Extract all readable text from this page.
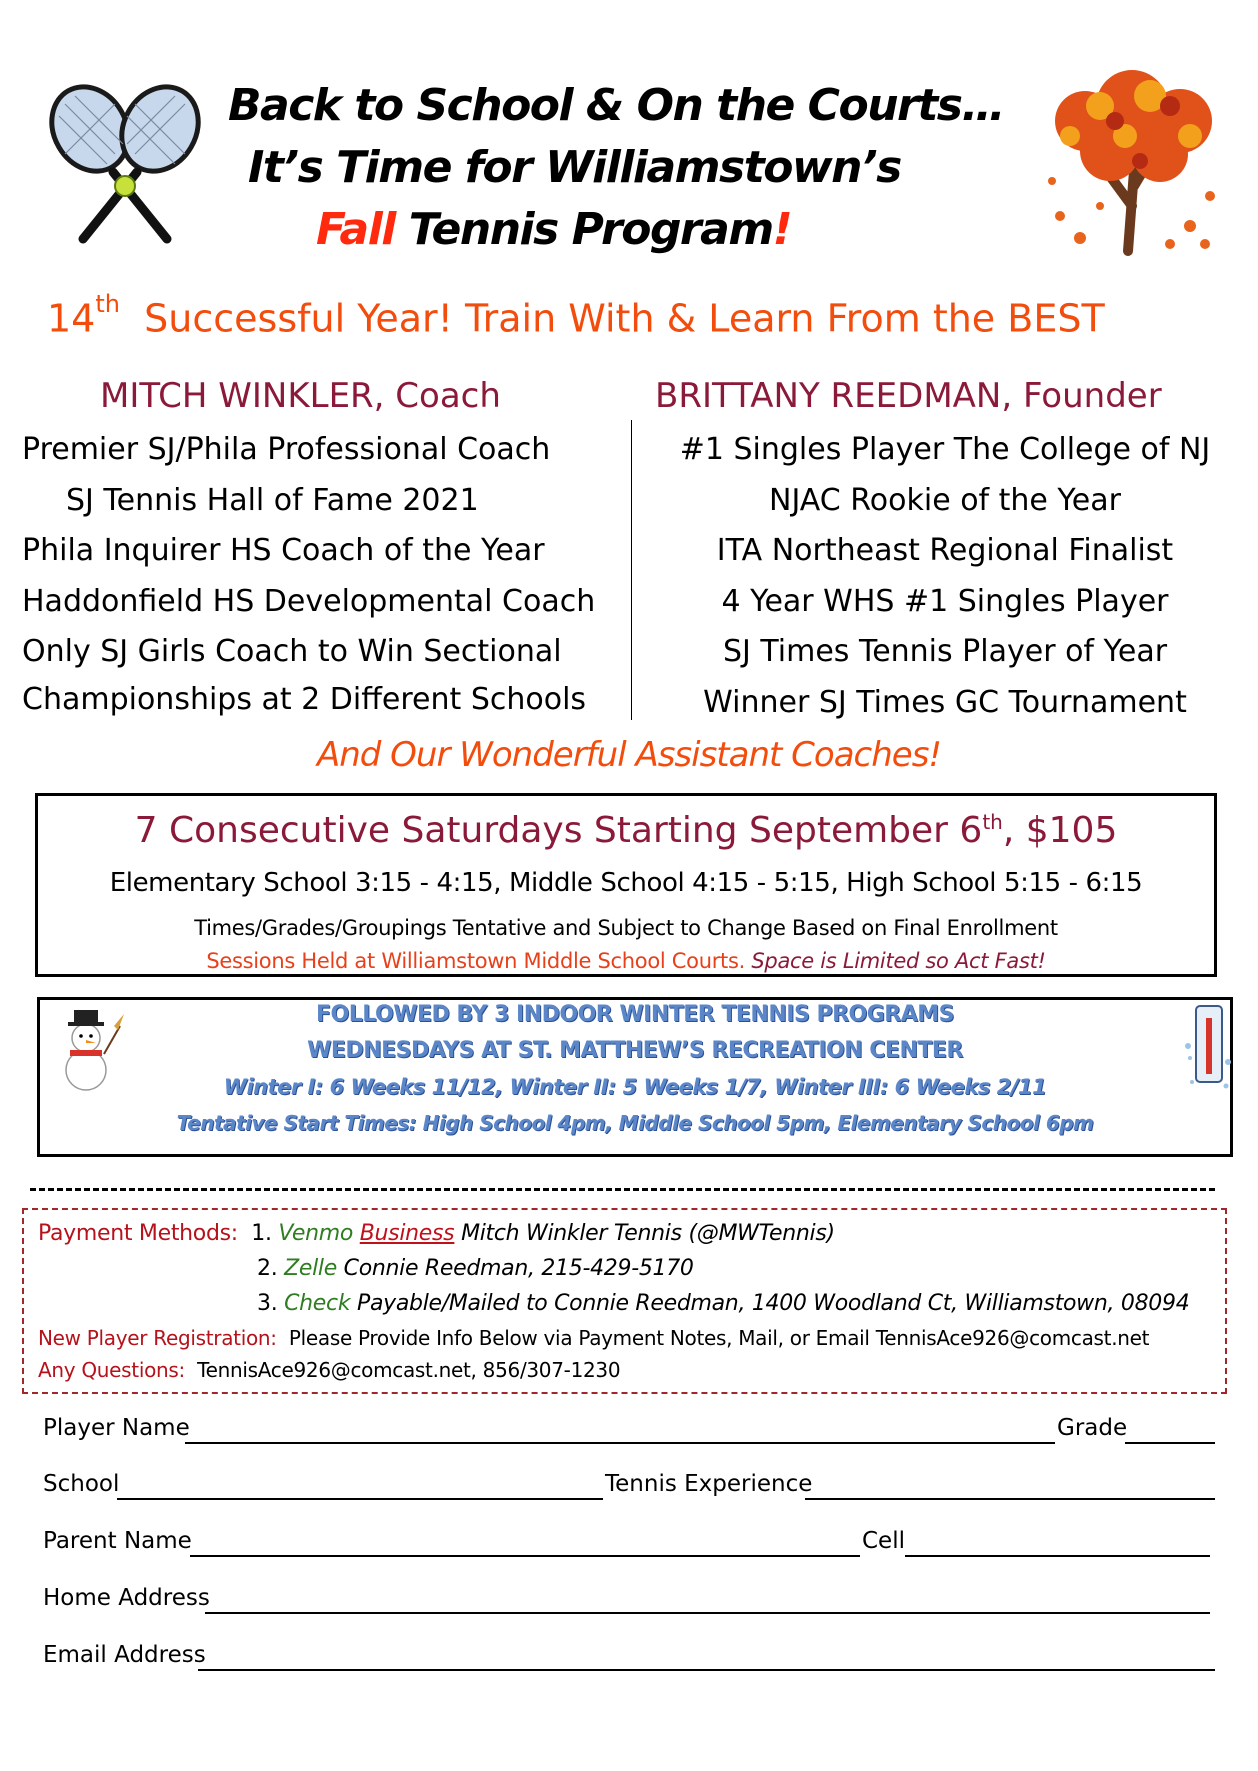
Back to School & On the Courts…
It’s Time for Williamstown’s
Fall Tennis Program!
14th Successful Year! Train With & Learn From the BEST
MITCH WINKLER, Coach	BRITTANY REEDMAN, Founder
Premier SJ/Phila Professional Coach
SJ Tennis Hall of Fame 2021
Phila Inquirer HS Coach of the Year
Haddonfield HS Developmental Coach
Only SJ Girls Coach to Win Sectional
Championships at 2 Different Schools
#1 Singles Player The College of NJ
NJAC Rookie of the Year
ITA Northeast Regional Finalist
4 Year WHS #1 Singles Player
SJ Times Tennis Player of Year
Winner SJ Times GC Tournament
And Our Wonderful Assistant Coaches!
7 Consecutive Saturdays Starting September 6th, $105
Elementary School 3:15 - 4:15, Middle School 4:15 - 5:15, High School 5:15 - 6:15
Times/Grades/Groupings Tentative and Subject to Change Based on Final Enrollment
Sessions Held at Williamstown Middle School Courts. Space is Limited so Act Fast!
FOLLOWED BY 3 INDOOR WINTER TENNIS PROGRAMS
WEDNESDAYS AT ST. MATTHEW’S RECREATION CENTER
Winter I: 6 Weeks 11/12, Winter II: 5 Weeks 1/7, Winter III: 6 Weeks 2/11
Tentative Start Times: High School 4pm, Middle School 5pm, Elementary School 6pm
Payment Methods: 1. Venmo Business Mitch Winkler Tennis (@MWTennis)
2. Zelle Connie Reedman, 215-429-5170
3. Check Payable/Mailed to Connie Reedman, 1400 Woodland Ct, Williamstown, 08094
New Player Registration: Please Provide Info Below via Payment Notes, Mail, or Email TennisAce926@comcast.net
Any Questions: TennisAce926@comcast.net, 856/307-1230
Player Name	Grade
School	Tennis Experience
Parent Name	Cell
Home Address
Email Address
